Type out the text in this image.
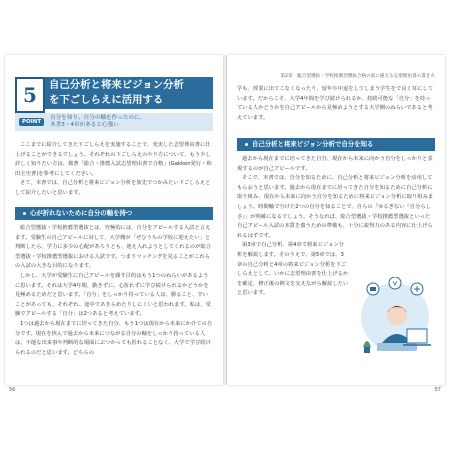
5	自己分析と将来ビジョン分析
を下ごしらえに活用する
POINT
自分を知り、自分の軸を作ったのに、
本書3・4章があると心強い

ここまでに紹介してきた下ごしらえを実施することで、充実した志望理由書に仕上げることができるでしょう。それぞれの下ごしらえのやり方について、もう少し詳しく知りたい方は、拙著「総合・推薦入試志望理由書で合格」(Gakken発行・和田圭史著)を参考にしてください。

さて、本書では、自己分析と将来ビジョン分析を旅先でつかみたい下ごしらえとして紹介したいと思います。

心が折れないために自分の軸を持つ

総合型選抜・学校推薦型選抜とは、究極的には、自分をアピールする入試と言えます。受験生の自己アピールに対して、大学側が「ぜひうちの学校に迎えたい」と判断したら、学力に多少の心配があろうとも、迎え入れようとしてくれるのが総合型選抜・学校推薦型選抜における入試です。つまりマッチングを見ることがこれらの入試の大きな目的になります。

しかし、大学が受験生に自己アピールを課す目的はもう1つのねらいがあるように思います。それは大学4年間、勤きずに、心折れずに学び続けられるかどうかを見極めるためだと思います。「自分」をしっかり持っている人は、勝ること、辛いことがあっても、それぞれ、途中であきらめたりしにくいと思われます。私は、受験でアピールする「自分」は2つあると考えています。

1つは過去から現在までに培ってきた自分、もう1つは現在から未来にかけての自分です。現在を挟んで過去から未来につながる自分の軸をしっかり持っている人は、不運な出来事や判断的な場面にぶつかっても折れることなく、大学で学び続けられるのだと思います。どちらの

56
第2章　総合型選抜・学校推薦型選抜合格の前に備える志望理由書の書き方

学も、授業に出てこなくなったり、留年や中退をしてしまう学生をで良く耳にしています。だからこそ、大学4年間を学び続けられるか、持続可能な「自分」を持っている人かどうかを自己アピールから見極めようとする大学側のねらいであると考えています。

自己分析と将来ビジョン分析で自分を知る

過去から現在までに培ってきた自分、現在から未来に向かう自分をしっかりと表現するのが自己アピールです。

そこで、本書では、自分を知るために、自己分析と将来ビジョン分析を活用してもらおうと思います。過去から現在までに培ってきた自分を知るために自己分析に取り組み、現在から未来に向かう自分を知るために将来ビジョン分析に取り組みましょう。時間軸で分けた2つの自分を知ることで、自らの「ゆるぎない『自分らしさ』」が明確になるでしょう。そうなれば、総合型選抜・学校推薦型選抜といった自己アピール入試の本質を養うための準備も、十分に説得力のある内容に仕上げられるはずです。

第3章で自己分析、第4章で将来ビジョン分析を解説します。そのうえで、第5章では、3章の自己分析と4章の将来ビジョン分析を下ごしらえとして、いかに志望理由書を仕上げるかを確定、修正後の例文を交えながら解説したいと思います。

57
